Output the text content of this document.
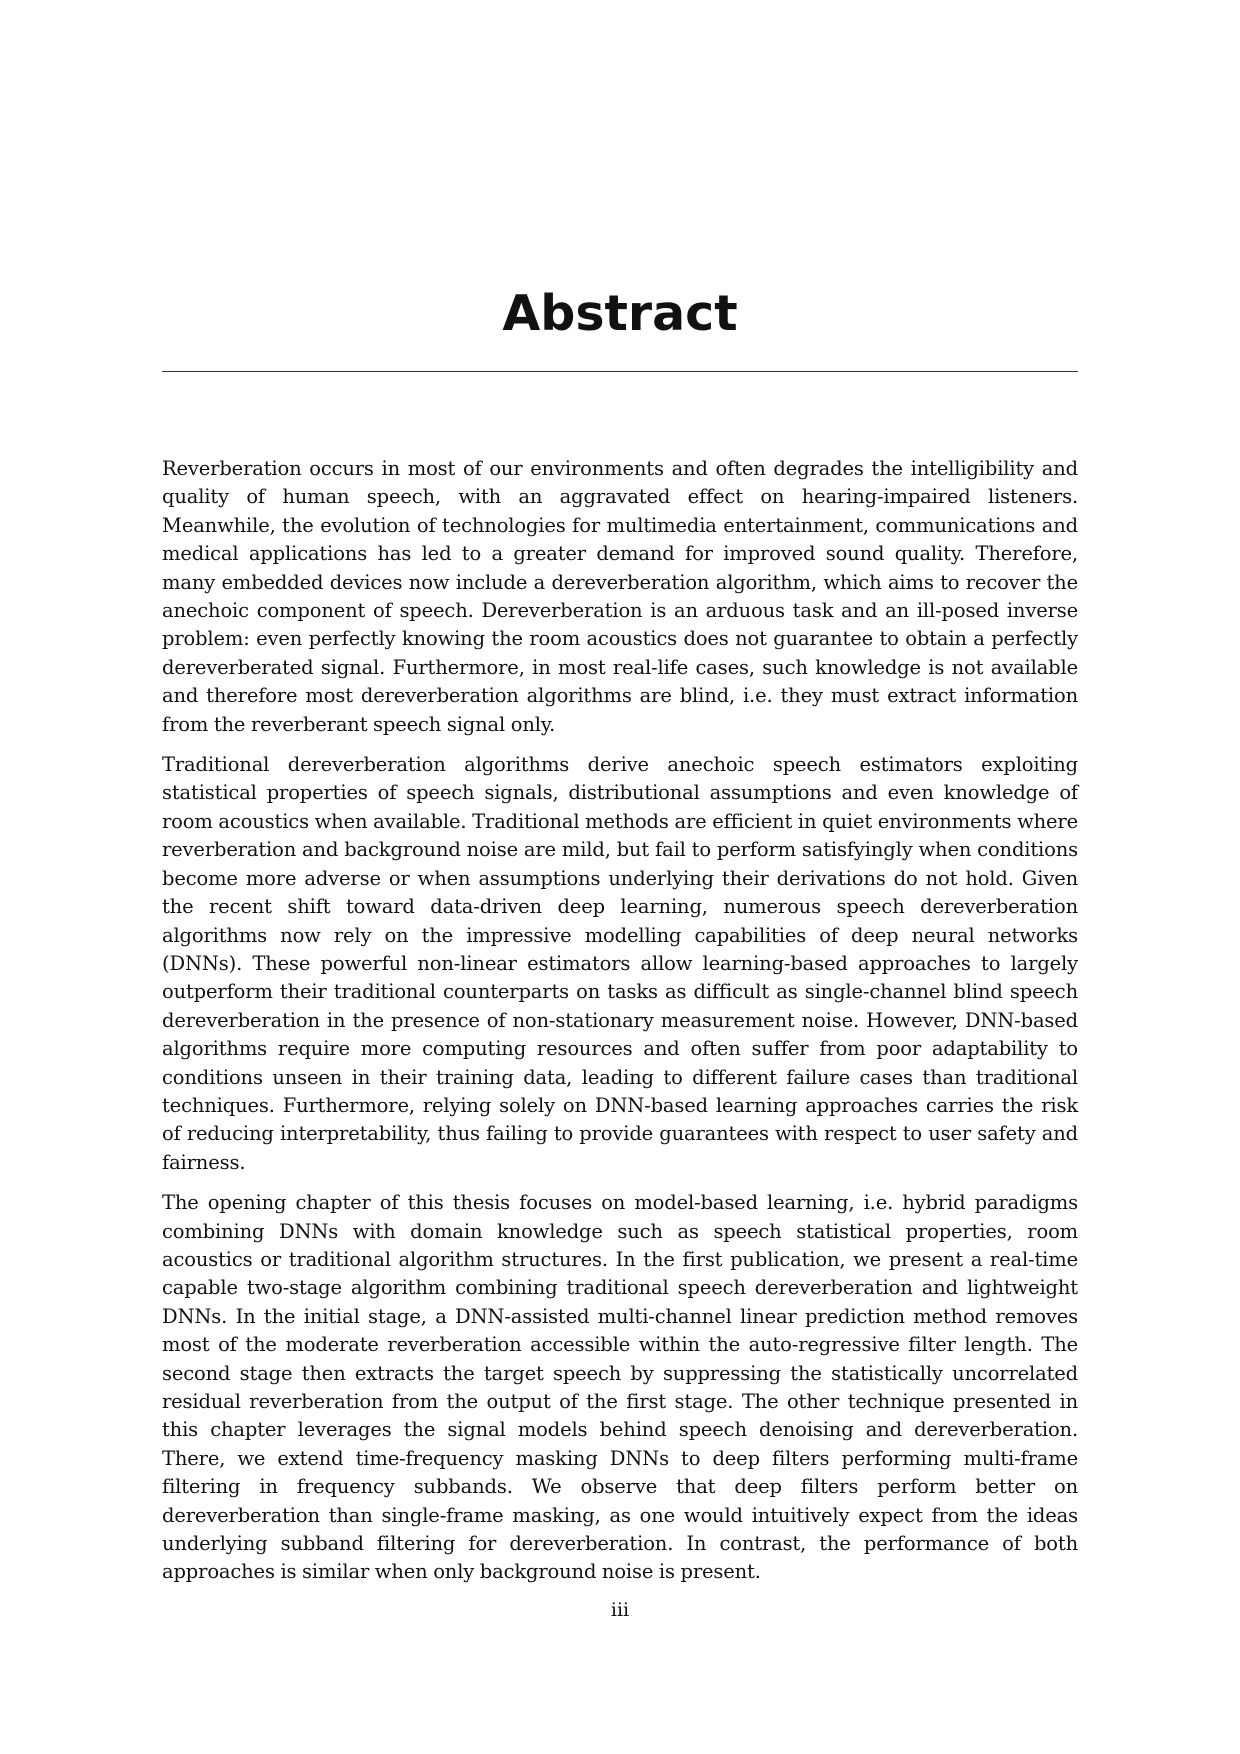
Abstract

Reverberation occurs in most of our environments and often degrades the intelligibility and quality of human speech, with an aggravated effect on hearing-impaired listeners. Meanwhile, the evolution of technologies for multimedia entertainment, communications and medical applications has led to a greater demand for improved sound quality. Therefore, many embedded devices now include a dereverberation algorithm, which aims to recover the anechoic component of speech. Dereverberation is an arduous task and an ill-posed inverse problem: even perfectly knowing the room acoustics does not guarantee to obtain a perfectly dereverberated signal. Furthermore, in most real-life cases, such knowledge is not available and therefore most dereverberation algorithms are blind, i.e. they must extract information from the reverberant speech signal only.

Traditional dereverberation algorithms derive anechoic speech estimators exploiting statistical properties of speech signals, distributional assumptions and even knowledge of room acoustics when available. Traditional methods are efficient in quiet environments where reverberation and background noise are mild, but fail to perform satisfyingly when conditions become more adverse or when assumptions underlying their derivations do not hold. Given the recent shift toward data-driven deep learning, numerous speech dereverberation algorithms now rely on the impressive modelling capabilities of deep neural networks (DNNs). These powerful non-linear estimators allow learning-based approaches to largely outperform their traditional counterparts on tasks as difficult as single-channel blind speech dereverberation in the presence of non-stationary measurement noise. However, DNN-based algorithms require more computing resources and often suffer from poor adaptability to conditions unseen in their training data, leading to different failure cases than traditional techniques. Furthermore, relying solely on DNN-based learning approaches carries the risk of reducing interpretability, thus failing to provide guarantees with respect to user safety and fairness.

The opening chapter of this thesis focuses on model-based learning, i.e. hybrid paradigms combining DNNs with domain knowledge such as speech statistical properties, room acoustics or traditional algorithm structures. In the first publication, we present a real-time capable two-stage algorithm combining traditional speech dereverberation and lightweight DNNs. In the initial stage, a DNN-assisted multi-channel linear prediction method removes most of the moderate reverberation accessible within the auto-regressive filter length. The second stage then extracts the target speech by suppressing the statistically uncorrelated residual reverberation from the output of the first stage. The other technique presented in this chapter leverages the signal models behind speech denoising and dereverberation. There, we extend time-frequency masking DNNs to deep filters performing multi-frame filtering in frequency subbands. We observe that deep filters perform better on dereverberation than single-frame masking, as one would intuitively expect from the ideas underlying subband filtering for dereverberation. In contrast, the performance of both approaches is similar when only background noise is present.

iii
